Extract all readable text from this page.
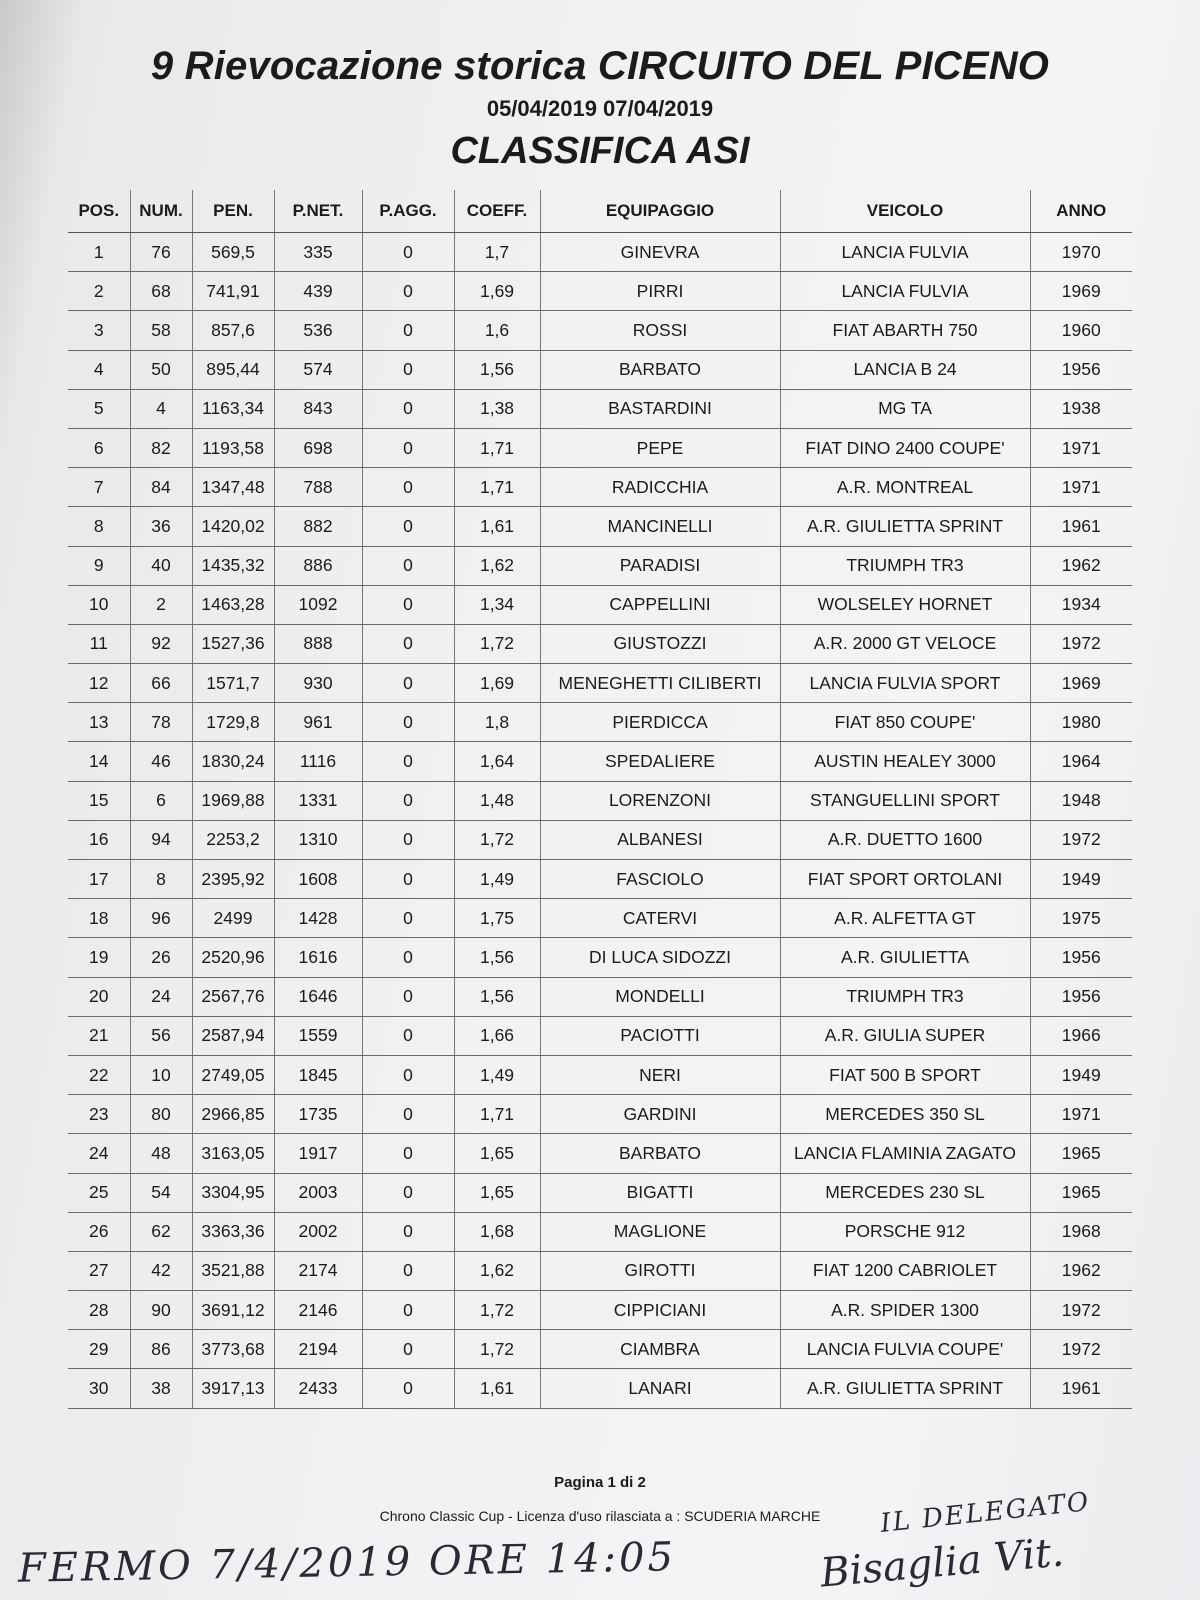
9 Rievocazione storica CIRCUITO DEL PICENO
05/04/2019 07/04/2019
CLASSIFICA ASI
POS.	NUM.	PEN.	P.NET.	P.AGG.	COEFF.	EQUIPAGGIO	VEICOLO	ANNO
1	76	569,5	335	0	1,7	GINEVRA	LANCIA FULVIA	1970
2	68	741,91	439	0	1,69	PIRRI	LANCIA FULVIA	1969
3	58	857,6	536	0	1,6	ROSSI	FIAT ABARTH 750	1960
4	50	895,44	574	0	1,56	BARBATO	LANCIA B 24	1956
5	4	1163,34	843	0	1,38	BASTARDINI	MG TA	1938
6	82	1193,58	698	0	1,71	PEPE	FIAT DINO 2400 COUPE'	1971
7	84	1347,48	788	0	1,71	RADICCHIA	A.R. MONTREAL	1971
8	36	1420,02	882	0	1,61	MANCINELLI	A.R. GIULIETTA SPRINT	1961
9	40	1435,32	886	0	1,62	PARADISI	TRIUMPH TR3	1962
10	2	1463,28	1092	0	1,34	CAPPELLINI	WOLSELEY HORNET	1934
11	92	1527,36	888	0	1,72	GIUSTOZZI	A.R. 2000 GT VELOCE	1972
12	66	1571,7	930	0	1,69	MENEGHETTI CILIBERTI	LANCIA FULVIA SPORT	1969
13	78	1729,8	961	0	1,8	PIERDICCA	FIAT 850 COUPE'	1980
14	46	1830,24	1116	0	1,64	SPEDALIERE	AUSTIN HEALEY 3000	1964
15	6	1969,88	1331	0	1,48	LORENZONI	STANGUELLINI SPORT	1948
16	94	2253,2	1310	0	1,72	ALBANESI	A.R. DUETTO 1600	1972
17	8	2395,92	1608	0	1,49	FASCIOLO	FIAT SPORT ORTOLANI	1949
18	96	2499	1428	0	1,75	CATERVI	A.R. ALFETTA GT	1975
19	26	2520,96	1616	0	1,56	DI LUCA SIDOZZI	A.R. GIULIETTA	1956
20	24	2567,76	1646	0	1,56	MONDELLI	TRIUMPH TR3	1956
21	56	2587,94	1559	0	1,66	PACIOTTI	A.R. GIULIA SUPER	1966
22	10	2749,05	1845	0	1,49	NERI	FIAT 500 B SPORT	1949
23	80	2966,85	1735	0	1,71	GARDINI	MERCEDES 350 SL	1971
24	48	3163,05	1917	0	1,65	BARBATO	LANCIA FLAMINIA ZAGATO	1965
25	54	3304,95	2003	0	1,65	BIGATTI	MERCEDES 230 SL	1965
26	62	3363,36	2002	0	1,68	MAGLIONE	PORSCHE 912	1968
27	42	3521,88	2174	0	1,62	GIROTTI	FIAT 1200 CABRIOLET	1962
28	90	3691,12	2146	0	1,72	CIPPICIANI	A.R. SPIDER 1300	1972
29	86	3773,68	2194	0	1,72	CIAMBRA	LANCIA FULVIA COUPE'	1972
30	38	3917,13	2433	0	1,61	LANARI	A.R. GIULIETTA SPRINT	1961
Pagina 1 di 2
Chrono Classic Cup - Licenza d'uso rilasciata a : SCUDERIA MARCHE
FERMO 7/4/2019 ORE 14:05
IL DELEGATO
Bisaglia Vit.
